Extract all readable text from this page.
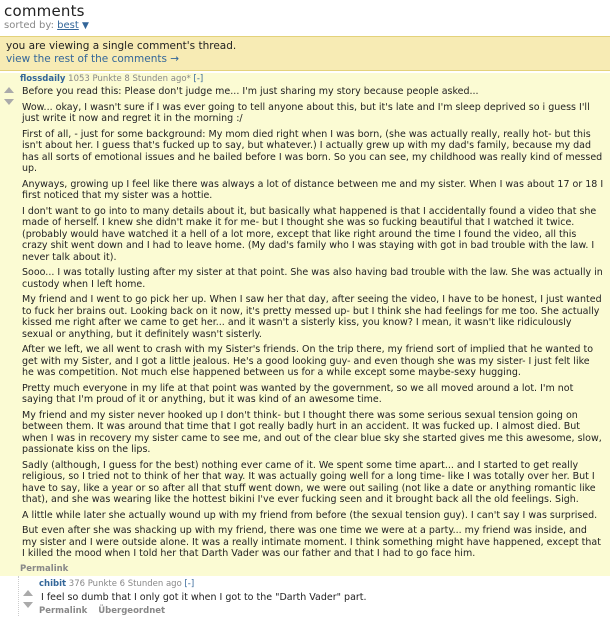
comments
sorted by: best ▼
you are viewing a single comment's thread.
view the rest of the comments →
flossdaily 1053 Punkte 8 Stunden ago* [-]

Before you read this: Please don't judge me... I'm just sharing my story because people asked...

Wow... okay, I wasn't sure if I was ever going to tell anyone about this, but it's late and I'm sleep deprived so i guess I'll just write it now and regret it in the morning :/

First of all, - just for some background: My mom died right when I was born, (she was actually really, really hot- but this isn't about her. I guess that's fucked up to say, but whatever.) I actually grew up with my dad's family, because my dad has all sorts of emotional issues and he bailed before I was born. So you can see, my childhood was really kind of messed up.

Anyways, growing up I feel like there was always a lot of distance between me and my sister. When I was about 17 or 18 I first noticed that my sister was a hottie.

I don't want to go into to many details about it, but basically what happened is that I accidentally found a video that she made of herself. I knew she didn't make it for me- but I thought she was so fucking beautiful that I watched it twice. (probably would have watched it a hell of a lot more, except that like right around the time I found the video, all this crazy shit went down and I had to leave home. (My dad's family who I was staying with got in bad trouble with the law. I never talk about it).

Sooo... I was totally lusting after my sister at that point. She was also having bad trouble with the law. She was actually in custody when I left home.

My friend and I went to go pick her up. When I saw her that day, after seeing the video, I have to be honest, I just wanted to fuck her brains out. Looking back on it now, it's pretty messed up- but I think she had feelings for me too. She actually kissed me right after we came to get her... and it wasn't a sisterly kiss, you know? I mean, it wasn't like ridiculously sexual or anything, but it definitely wasn't sisterly.

After we left, we all went to crash with my Sister's friends. On the trip there, my friend sort of implied that he wanted to get with my Sister, and I got a little jealous. He's a good looking guy- and even though she was my sister- I just felt like he was competition. Not much else happened between us for a while except some maybe-sexy hugging.

Pretty much everyone in my life at that point was wanted by the government, so we all moved around a lot. I'm not saying that I'm proud of it or anything, but it was kind of an awesome time.

My friend and my sister never hooked up I don't think- but I thought there was some serious sexual tension going on between them. It was around that time that I got really badly hurt in an accident. It was fucked up. I almost died. But when I was in recovery my sister came to see me, and out of the clear blue sky she started gives me this awesome, slow, passionate kiss on the lips.

Sadly (although, I guess for the best) nothing ever came of it. We spent some time apart... and I started to get really religious, so I tried not to think of her that way. It was actually going well for a long time- like I was totally over her. But I have to say, like a year or so after all that stuff went down, we were out sailing (not like a date or anything romantic like that), and she was wearing like the hottest bikini I've ever fucking seen and it brought back all the old feelings. Sigh.

A little while later she actually wound up with my friend from before (the sexual tension guy). I can't say I was surprised.

But even after she was shacking up with my friend, there was one time we were at a party... my friend was inside, and my sister and I were outside alone. It was a really intimate moment. I think something might have happened, except that I killed the mood when I told her that Darth Vader was our father and that I had to go face him.

Permalink
chibit 376 Punkte 6 Stunden ago [-]
I feel so dumb that I only got it when I got to the "Darth Vader" part.
Permalink Übergeordnet
